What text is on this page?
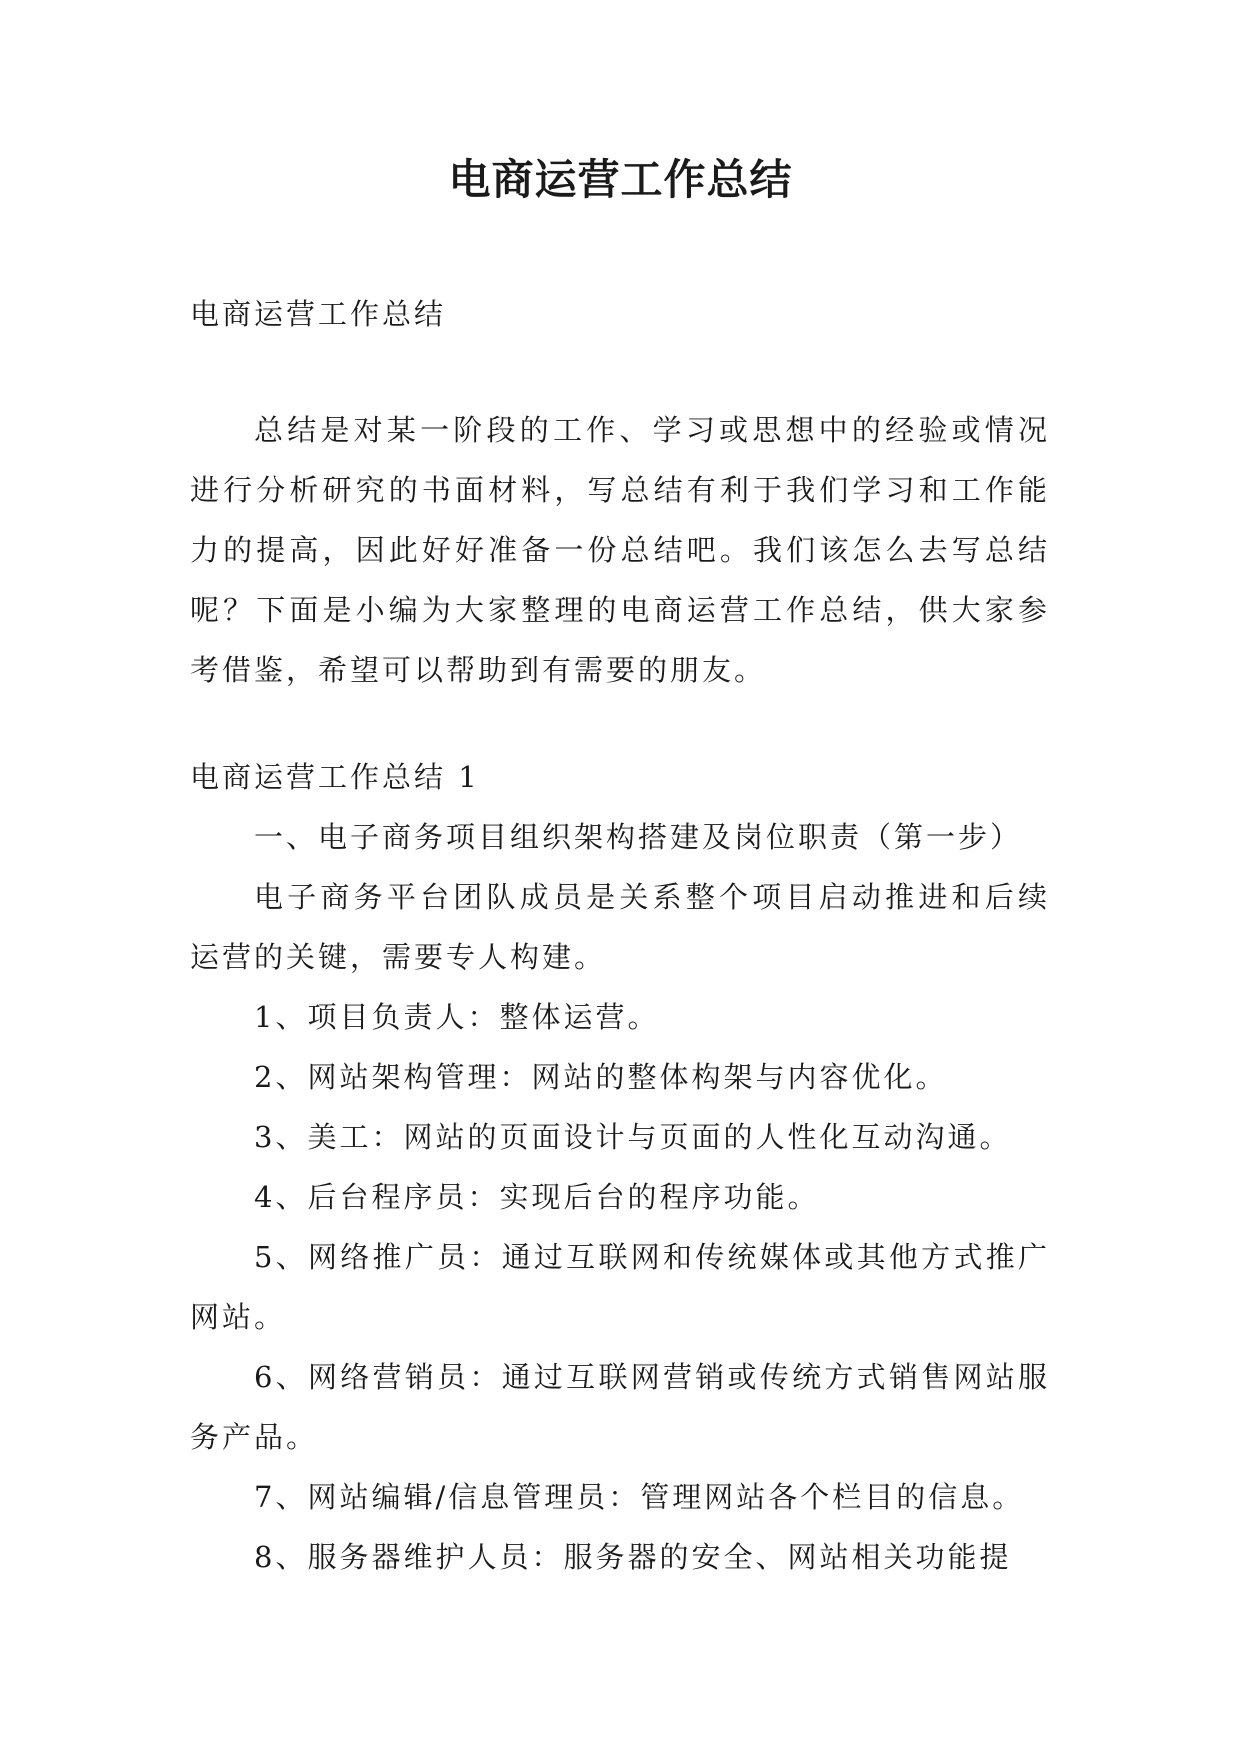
电商运营工作总结

电商运营工作总结

总结是对某一阶段的工作、学习或思想中的经验或情况进行分析研究的书面材料，写总结有利于我们学习和工作能力的提高，因此好好准备一份总结吧。我们该怎么去写总结呢？下面是小编为大家整理的电商运营工作总结，供大家参考借鉴，希望可以帮助到有需要的朋友。

电商运营工作总结 1

一、电子商务项目组织架构搭建及岗位职责（第一步）

电子商务平台团队成员是关系整个项目启动推进和后续运营的关键，需要专人构建。

1、项目负责人：整体运营。

2、网站架构管理：网站的整体构架与内容优化。

3、美工：网站的页面设计与页面的人性化互动沟通。

4、后台程序员：实现后台的程序功能。

5、网络推广员：通过互联网和传统媒体或其他方式推广网站。

6、网络营销员：通过互联网营销或传统方式销售网站服务产品。

7、网站编辑/信息管理员：管理网站各个栏目的信息。

8、服务器维护人员：服务器的安全、网站相关功能提
